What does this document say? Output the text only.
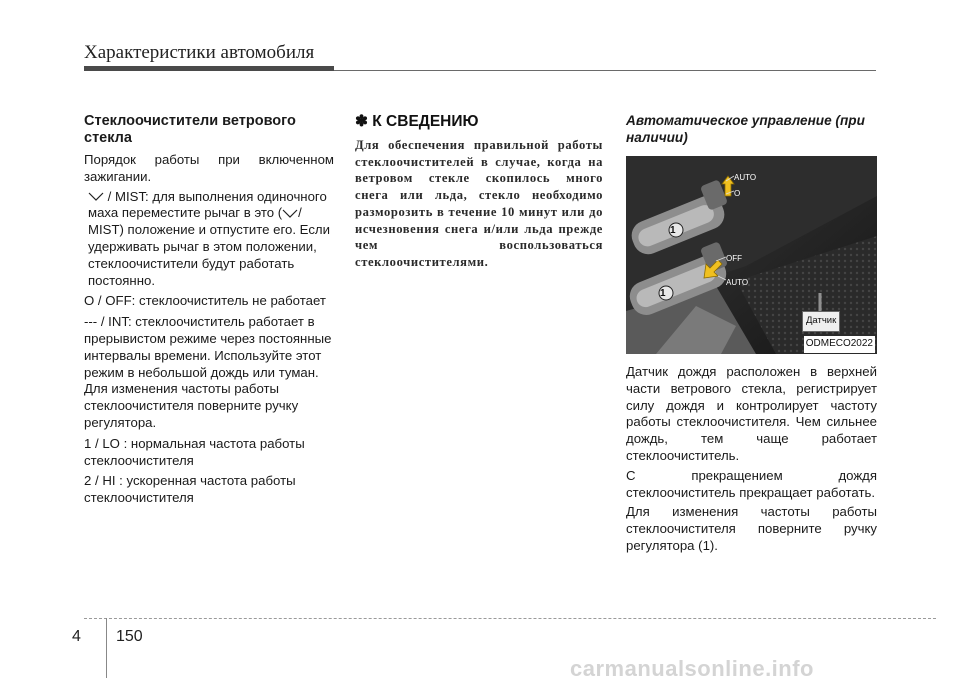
Характеристики автомобиля
Стеклоочистители ветрового стекла
Порядок работы при включенном зажигании.
/ MIST: для выполнения одиночного маха переместите рычаг в это ( / MIST) положение и отпустите его. Если удерживать рычаг в этом положении, стеклоочистители будут работать постоянно.
O / OFF: стеклоочиститель не работает
--- / INT: стеклоочиститель работает в прерывистом режиме через постоянные интервалы времени. Используйте этот режим в небольшой дождь или туман. Для изменения частоты работы стеклоочистителя поверните ручку регулятора.
1 / LO : нормальная частота работы стеклоочистителя
2 / HI : ускоренная частота работы стеклоочистителя
✽ К СВЕДЕНИЮ
Для обеспечения правильной работы стеклоочистителей в случае, когда на ветровом стекле скопилось много снега или льда, стекло необходимо разморозить в течение 10 минут или до исчезновения снега и/или льда прежде чем воспользоваться стеклоочистителями.
Автоматическое управление (при наличии)
1
1
AUTO
O
OFF
AUTO
Датчик
ODMECO2022
Датчик дождя расположен в верхней части ветрового стекла, регистрирует силу дождя и контролирует частоту работы стеклоочистителя. Чем сильнее дождь, тем чаще работает стеклоочиститель.
С прекращением дождя стеклоочиститель прекращает работать.
Для изменения частоты работы стеклоочистителя поверните ручку регулятора (1).
4 150
carmanualsonline.info
